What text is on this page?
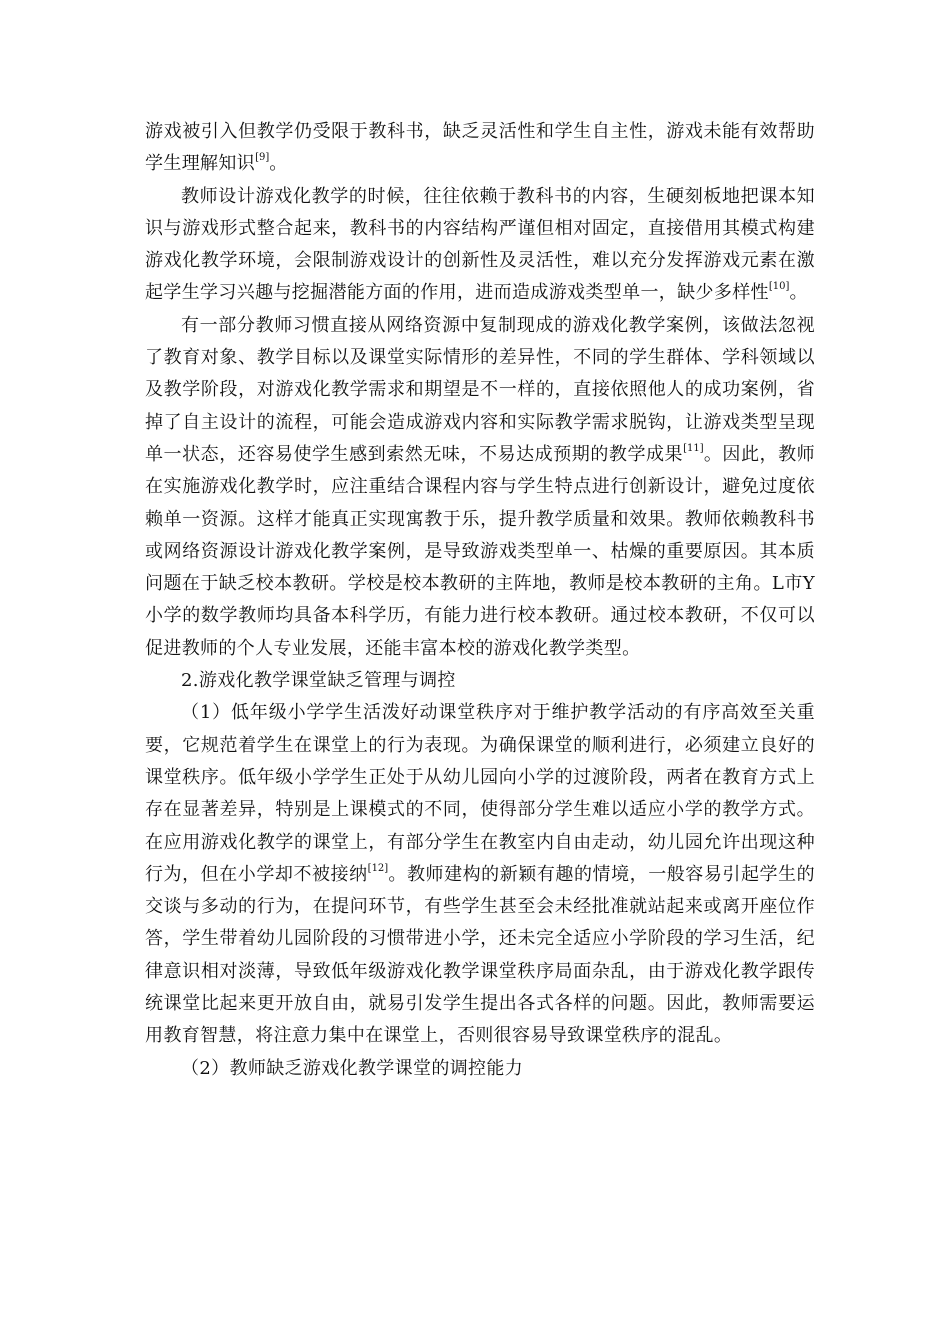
游戏被引入但教学仍受限于教科书，缺乏灵活性和学生自主性，游戏未能有效帮助学生理解知识[9]。

教师设计游戏化教学的时候，往往依赖于教科书的内容，生硬刻板地把课本知识与游戏形式整合起来，教科书的内容结构严谨但相对固定，直接借用其模式构建游戏化教学环境，会限制游戏设计的创新性及灵活性，难以充分发挥游戏元素在激起学生学习兴趣与挖掘潜能方面的作用，进而造成游戏类型单一，缺少多样性[10]。

有一部分教师习惯直接从网络资源中复制现成的游戏化教学案例，该做法忽视了教育对象、教学目标以及课堂实际情形的差异性，不同的学生群体、学科领域以及教学阶段，对游戏化教学需求和期望是不一样的，直接依照他人的成功案例，省掉了自主设计的流程，可能会造成游戏内容和实际教学需求脱钩，让游戏类型呈现单一状态，还容易使学生感到索然无味，不易达成预期的教学成果[11]。因此，教师在实施游戏化教学时，应注重结合课程内容与学生特点进行创新设计，避免过度依赖单一资源。这样才能真正实现寓教于乐，提升教学质量和效果。教师依赖教科书或网络资源设计游戏化教学案例，是导致游戏类型单一、枯燥的重要原因。其本质问题在于缺乏校本教研。学校是校本教研的主阵地，教师是校本教研的主角。L市Y小学的数学教师均具备本科学历，有能力进行校本教研。通过校本教研，不仅可以促进教师的个人专业发展，还能丰富本校的游戏化教学类型。

2.游戏化教学课堂缺乏管理与调控

（1）低年级小学学生活泼好动课堂秩序对于维护教学活动的有序高效至关重要，它规范着学生在课堂上的行为表现。为确保课堂的顺利进行，必须建立良好的课堂秩序。低年级小学学生正处于从幼儿园向小学的过渡阶段，两者在教育方式上存在显著差异，特别是上课模式的不同，使得部分学生难以适应小学的教学方式。在应用游戏化教学的课堂上，有部分学生在教室内自由走动，幼儿园允许出现这种行为，但在小学却不被接纳[12]。教师建构的新颖有趣的情境，一般容易引起学生的交谈与多动的行为，在提问环节，有些学生甚至会未经批准就站起来或离开座位作答，学生带着幼儿园阶段的习惯带进小学，还未完全适应小学阶段的学习生活，纪律意识相对淡薄，导致低年级游戏化教学课堂秩序局面杂乱，由于游戏化教学跟传统课堂比起来更开放自由，就易引发学生提出各式各样的问题。因此，教师需要运用教育智慧，将注意力集中在课堂上，否则很容易导致课堂秩序的混乱。

（2）教师缺乏游戏化教学课堂的调控能力
